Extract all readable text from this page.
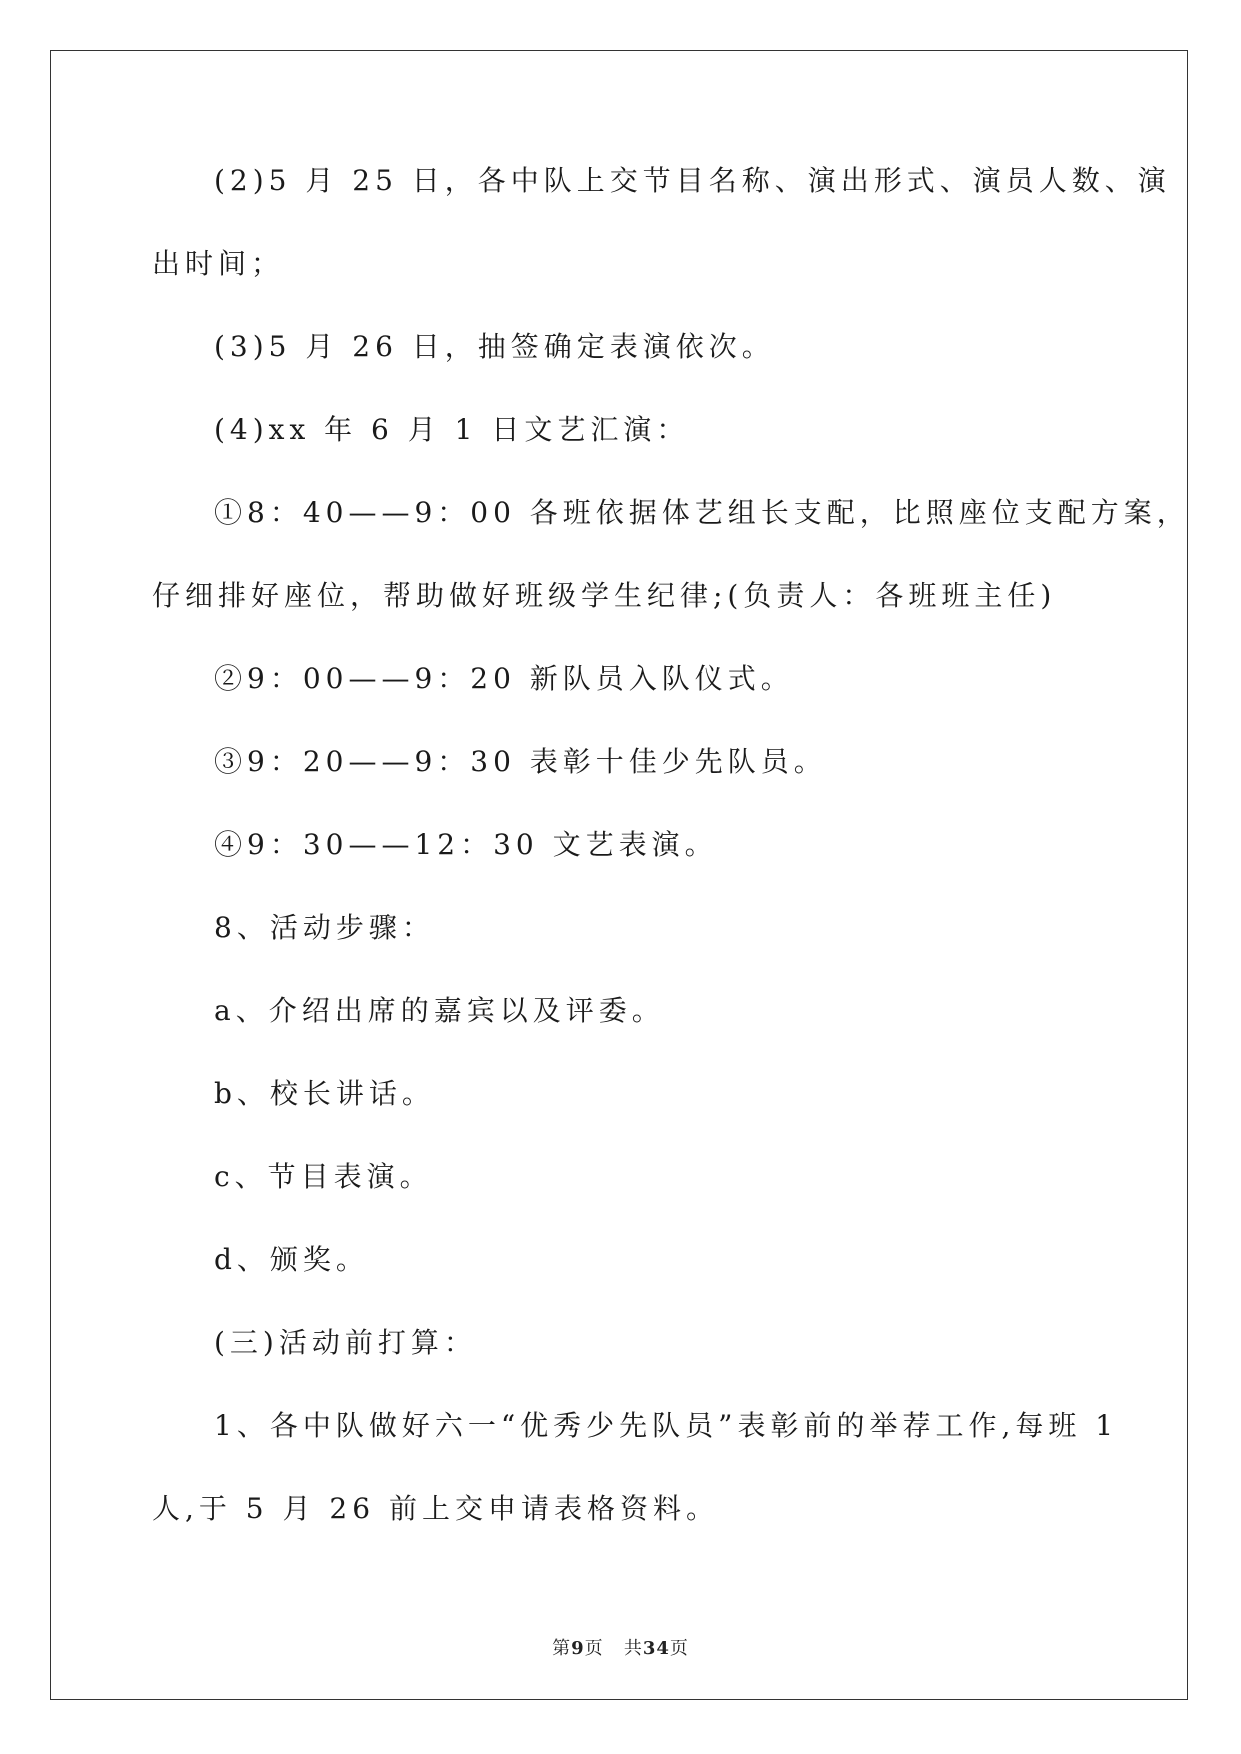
(2)5 月 25 日，各中队上交节目名称、演出形式、演员人数、演

出时间；

(3)5 月 26 日，抽签确定表演依次。

(4)xx 年 6 月 1 日文艺汇演：

①8：40——9：00 各班依据体艺组长支配，比照座位支配方案，

仔细排好座位，帮助做好班级学生纪律;(负责人：各班班主任)

②9：00——9：20 新队员入队仪式。

③9：20——9：30 表彰十佳少先队员。

④9：30——12：30 文艺表演。

8、活动步骤：

a、介绍出席的嘉宾以及评委。

b、校长讲话。

c、节目表演。

d、颁奖。

(三)活动前打算：

1、各中队做好六一“优秀少先队员”表彰前的举荐工作,每班 1

人,于 5 月 26 前上交申请表格资料。

第9页 共34页
